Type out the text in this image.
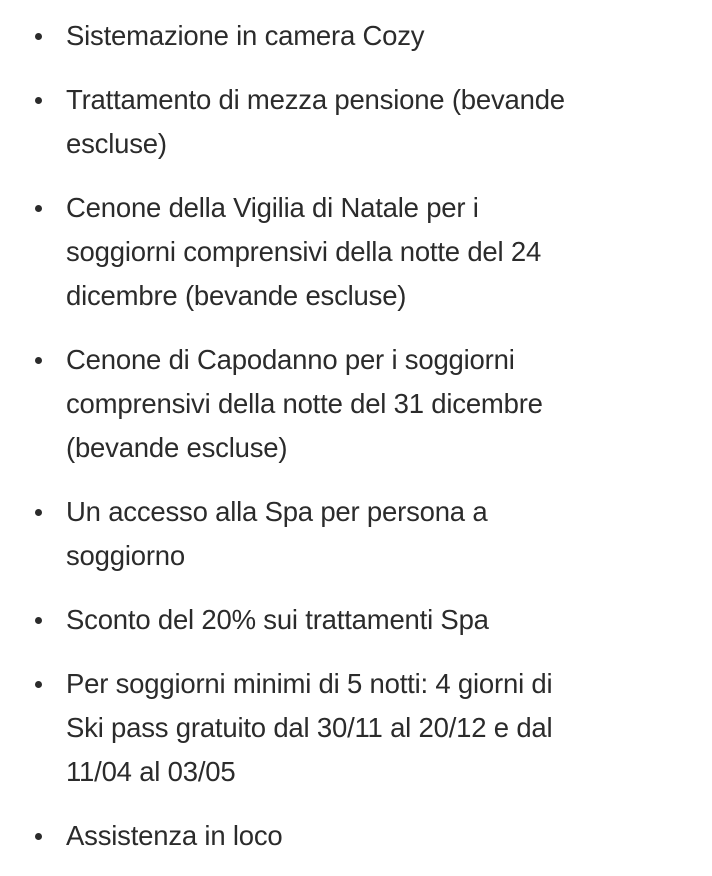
Sistemazione in camera Cozy
Trattamento di mezza pensione (bevande
escluse)
Cenone della Vigilia di Natale per i
soggiorni comprensivi della notte del 24
dicembre (bevande escluse)
Cenone di Capodanno per i soggiorni
comprensivi della notte del 31 dicembre
(bevande escluse)
Un accesso alla Spa per persona a
soggiorno
Sconto del 20% sui trattamenti Spa
Per soggiorni minimi di 5 notti: 4 giorni di
Ski pass gratuito dal 30/11 al 20/12 e dal
11/04 al 03/05
Assistenza in loco
